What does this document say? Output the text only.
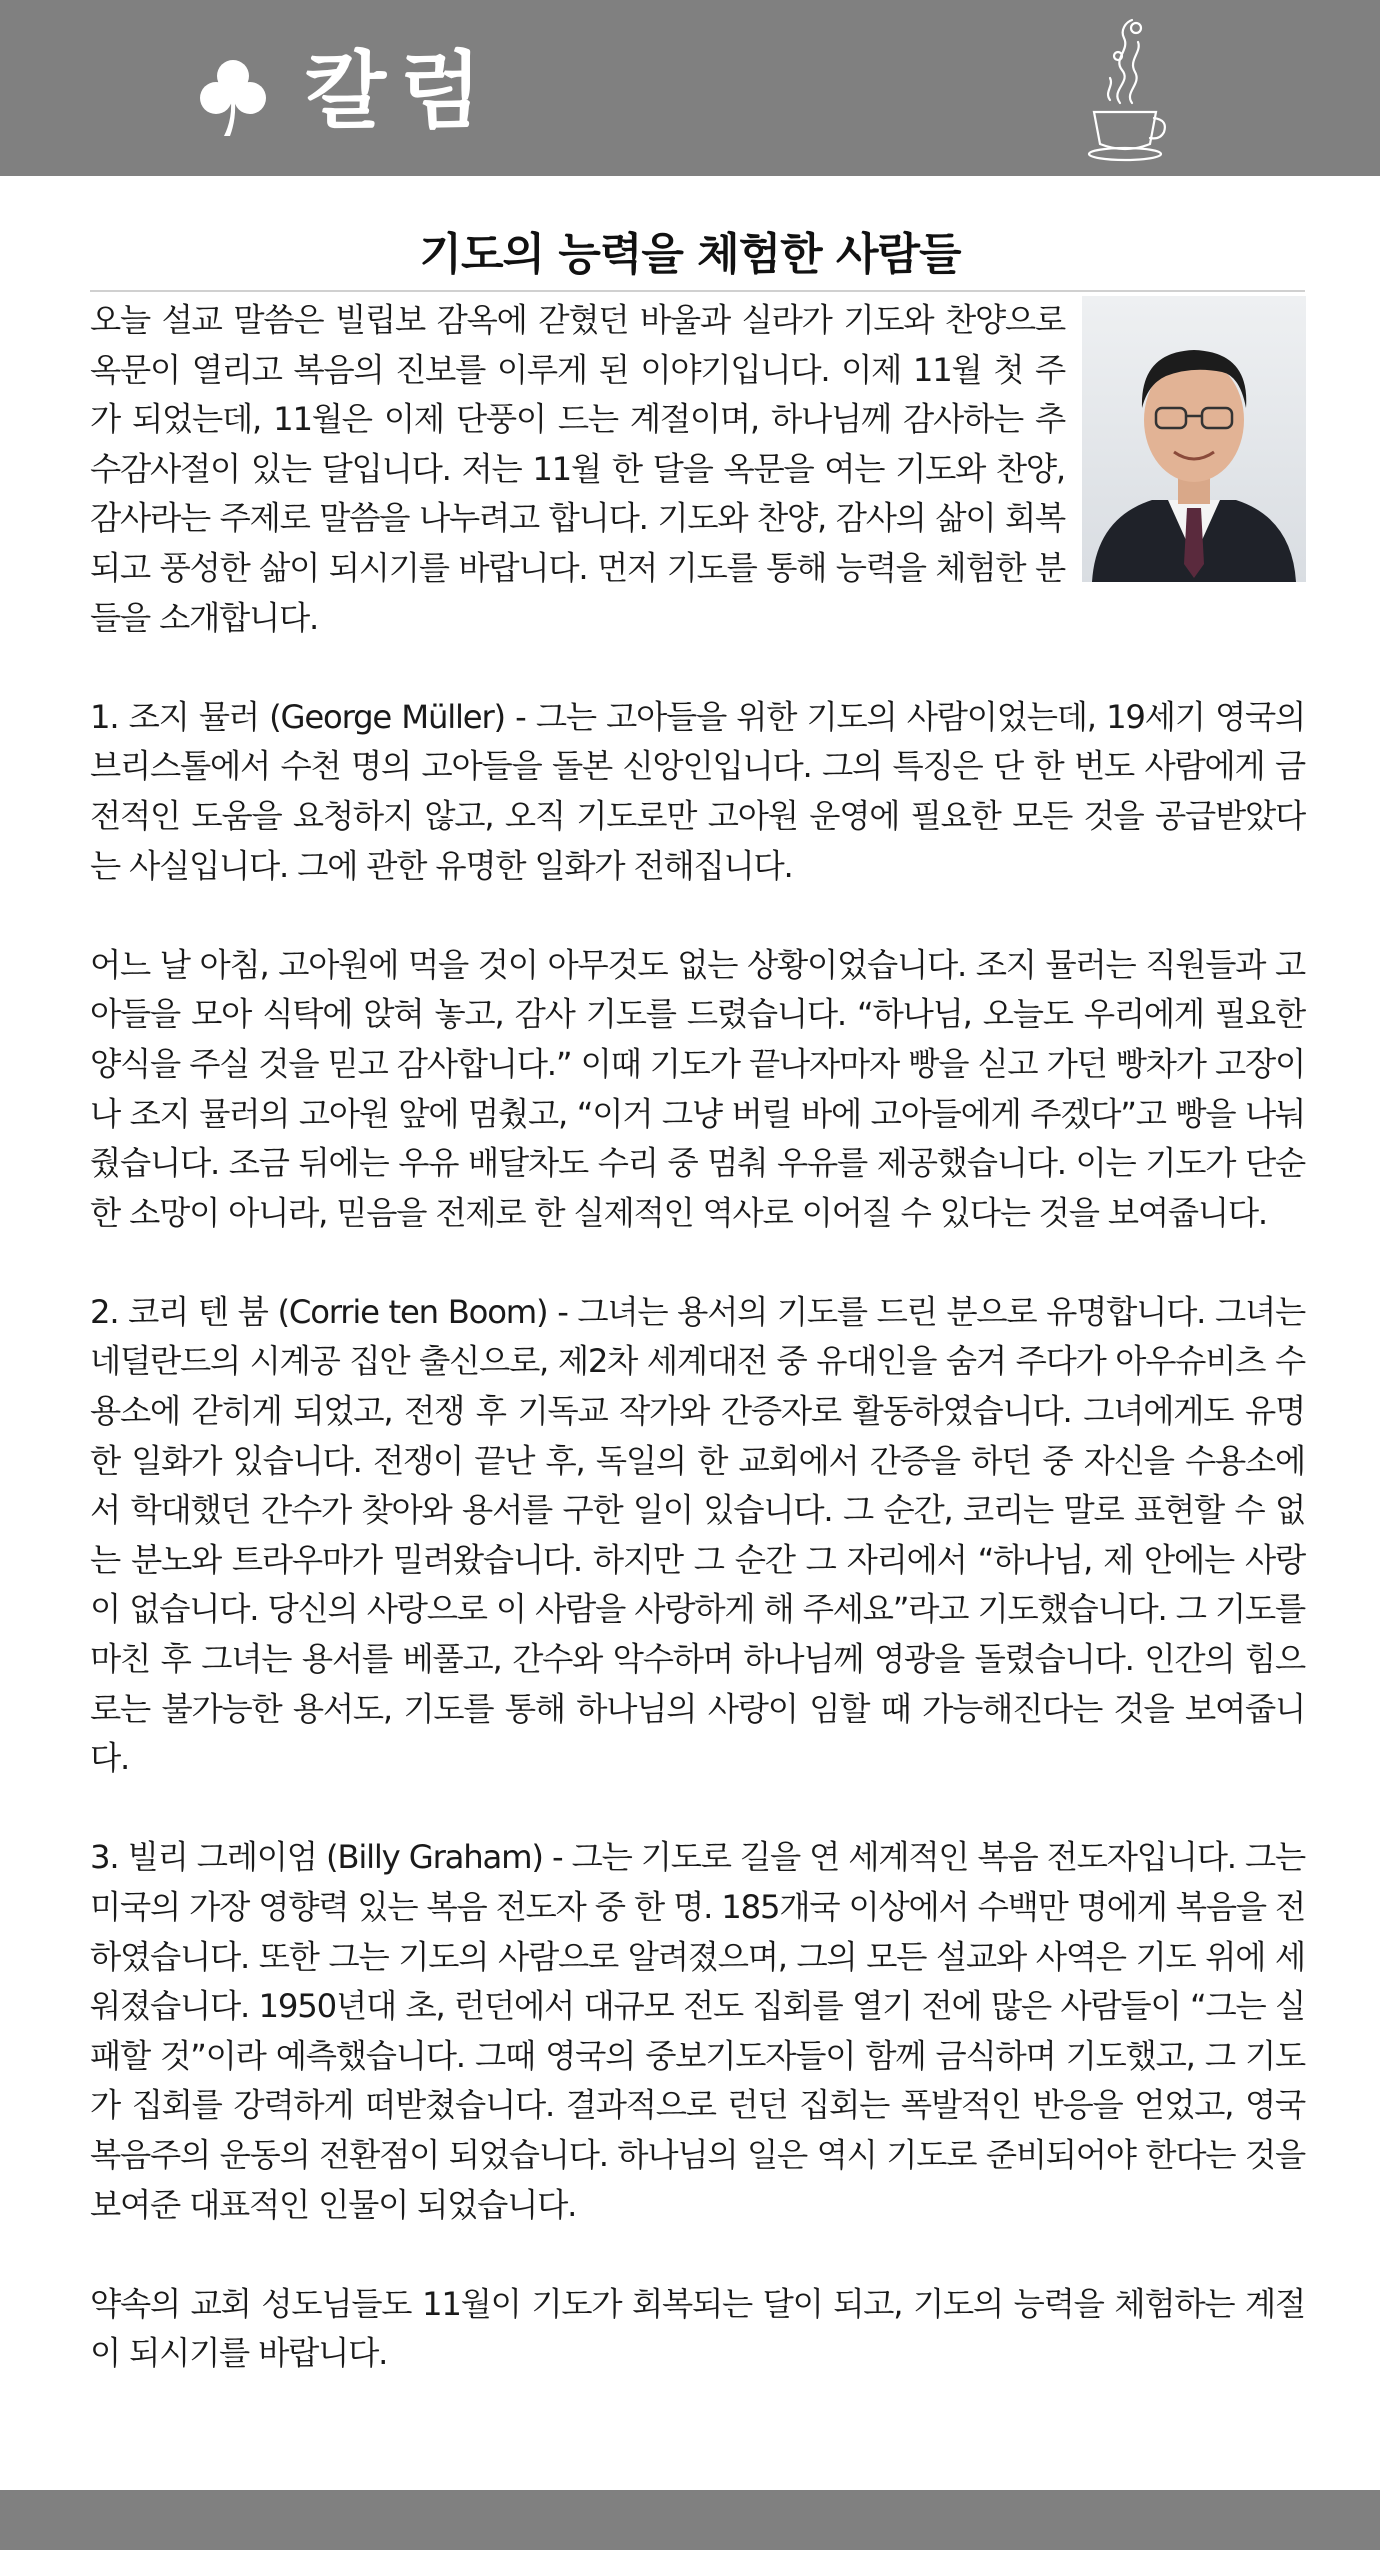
칼럼
기도의 능력을 체험한 사람들

오늘 설교 말씀은 빌립보 감옥에 갇혔던 바울과 실라가 기도와 찬양으로 옥문이 열리고 복음의 진보를 이루게 된 이야기입니다. 이제 11월 첫 주가 되었는데, 11월은 이제 단풍이 드는 계절이며, 하나님께 감사하는 추수감사절이 있는 달입니다. 저는 11월 한 달을 옥문을 여는 기도와 찬양, 감사라는 주제로 말씀을 나누려고 합니다. 기도와 찬양, 감사의 삶이 회복되고 풍성한 삶이 되시기를 바랍니다. 먼저 기도를 통해 능력을 체험한 분들을 소개합니다.

1. 조지 뮬러 (George Müller) - 그는 고아들을 위한 기도의 사람이었는데, 19세기 영국의 브리스톨에서 수천 명의 고아들을 돌본 신앙인입니다. 그의 특징은 단 한 번도 사람에게 금전적인 도움을 요청하지 않고, 오직 기도로만 고아원 운영에 필요한 모든 것을 공급받았다는 사실입니다. 그에 관한 유명한 일화가 전해집니다.

어느 날 아침, 고아원에 먹을 것이 아무것도 없는 상황이었습니다. 조지 뮬러는 직원들과 고아들을 모아 식탁에 앉혀 놓고, 감사 기도를 드렸습니다. “하나님, 오늘도 우리에게 필요한 양식을 주실 것을 믿고 감사합니다.” 이때 기도가 끝나자마자 빵을 싣고 가던 빵차가 고장이 나 조지 뮬러의 고아원 앞에 멈췄고, “이거 그냥 버릴 바에 고아들에게 주겠다”고 빵을 나눠줬습니다. 조금 뒤에는 우유 배달차도 수리 중 멈춰 우유를 제공했습니다. 이는 기도가 단순한 소망이 아니라, 믿음을 전제로 한 실제적인 역사로 이어질 수 있다는 것을 보여줍니다.

2. 코리 텐 붐 (Corrie ten Boom) - 그녀는 용서의 기도를 드린 분으로 유명합니다. 그녀는 네덜란드의 시계공 집안 출신으로, 제2차 세계대전 중 유대인을 숨겨 주다가 아우슈비츠 수용소에 갇히게 되었고, 전쟁 후 기독교 작가와 간증자로 활동하였습니다. 그녀에게도 유명한 일화가 있습니다. 전쟁이 끝난 후, 독일의 한 교회에서 간증을 하던 중 자신을 수용소에서 학대했던 간수가 찾아와 용서를 구한 일이 있습니다. 그 순간, 코리는 말로 표현할 수 없는 분노와 트라우마가 밀려왔습니다. 하지만 그 순간 그 자리에서 “하나님, 제 안에는 사랑이 없습니다. 당신의 사랑으로 이 사람을 사랑하게 해 주세요”라고 기도했습니다. 그 기도를 마친 후 그녀는 용서를 베풀고, 간수와 악수하며 하나님께 영광을 돌렸습니다. 인간의 힘으로는 불가능한 용서도, 기도를 통해 하나님의 사랑이 임할 때 가능해진다는 것을 보여줍니다.

3. 빌리 그레이엄 (Billy Graham) - 그는 기도로 길을 연 세계적인 복음 전도자입니다. 그는 미국의 가장 영향력 있는 복음 전도자 중 한 명. 185개국 이상에서 수백만 명에게 복음을 전하였습니다. 또한 그는 기도의 사람으로 알려졌으며, 그의 모든 설교와 사역은 기도 위에 세워졌습니다. 1950년대 초, 런던에서 대규모 전도 집회를 열기 전에 많은 사람들이 “그는 실패할 것”이라 예측했습니다. 그때 영국의 중보기도자들이 함께 금식하며 기도했고, 그 기도가 집회를 강력하게 떠받쳤습니다. 결과적으로 런던 집회는 폭발적인 반응을 얻었고, 영국 복음주의 운동의 전환점이 되었습니다. 하나님의 일은 역시 기도로 준비되어야 한다는 것을 보여준 대표적인 인물이 되었습니다.

약속의 교회 성도님들도 11월이 기도가 회복되는 달이 되고, 기도의 능력을 체험하는 계절이 되시기를 바랍니다.
